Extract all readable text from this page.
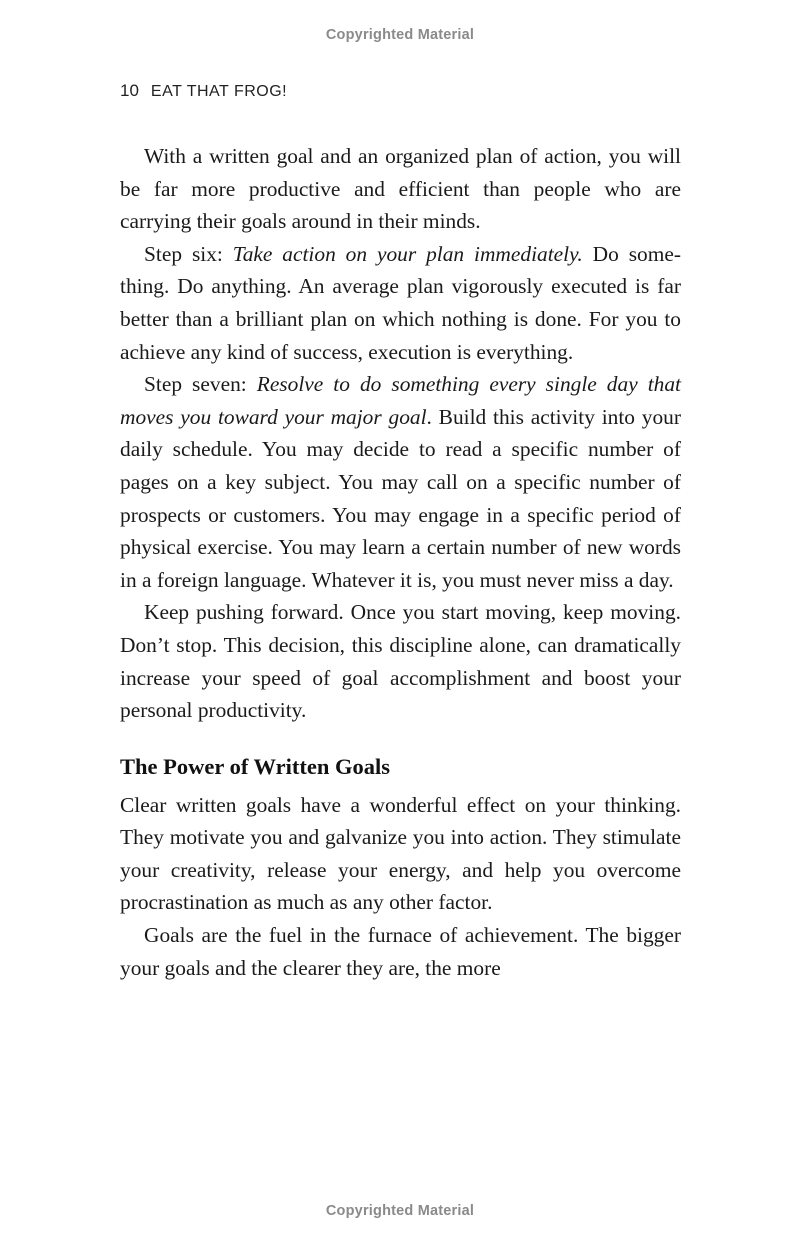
Copyrighted Material
10 EAT THAT FROG!

With a written goal and an organized plan of action, you will be far more productive and efficient than people who are carrying their goals around in their minds.

Step six: Take action on your plan immediately. Do something. Do anything. An average plan vigorously executed is far better than a brilliant plan on which nothing is done. For you to achieve any kind of success, execution is everything.

Step seven: Resolve to do something every single day that moves you toward your major goal. Build this activity into your daily schedule. You may decide to read a specific number of pages on a key subject. You may call on a specific number of prospects or customers. You may engage in a specific period of physical exercise. You may learn a certain number of new words in a foreign language. Whatever it is, you must never miss a day.

Keep pushing forward. Once you start moving, keep moving. Don’t stop. This decision, this discipline alone, can dramatically increase your speed of goal accomplishment and boost your personal productivity.

The Power of Written Goals

Clear written goals have a wonderful effect on your thinking. They motivate you and galvanize you into action. They stimulate your creativity, release your energy, and help you overcome procrastination as much as any other factor.

Goals are the fuel in the furnace of achievement. The bigger your goals and the clearer they are, the more

Copyrighted Material
